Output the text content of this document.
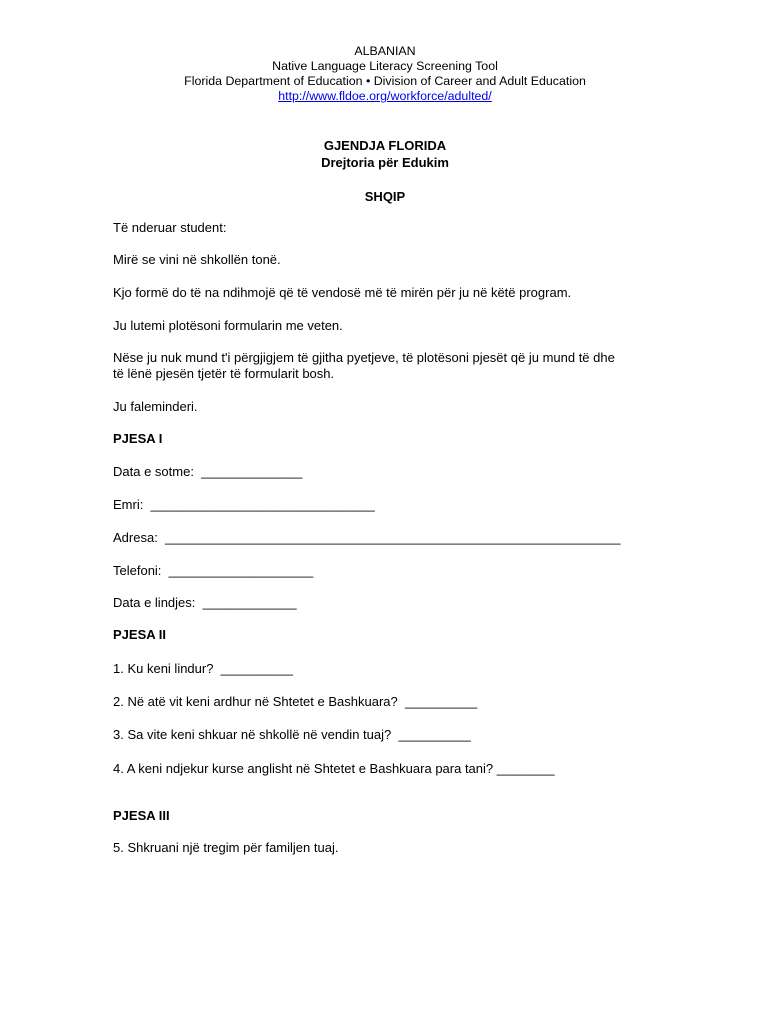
ALBANIAN
Native Language Literacy Screening Tool
Florida Department of Education • Division of Career and Adult Education
http://www.fldoe.org/workforce/adulted/
GJENDJA FLORIDA
Drejtoria për Edukim
SHQIP
Të nderuar student:
Mirë se vini në shkollën tonë.
Kjo formë do të na ndihmojë që të vendosë më të mirën për ju në këtë program.
Ju lutemi plotësoni formularin me veten.
Nëse ju nuk mund t'i përgjigjem të gjitha pyetjeve, të plotësoni pjesët që ju mund të dhe
të lënë pjesën tjetër të formularit bosh.
Ju faleminderi.
PJESA I
Data e sotme:  ______________
Emri:  _______________________________
Adresa:  _______________________________________________________________
Telefoni:  ____________________
Data e lindjes:  _____________
PJESA II
1. Ku keni lindur?  __________
2. Në atë vit keni ardhur në Shtetet e Bashkuara?  __________
3. Sa vite keni shkuar në shkollë në vendin tuaj?  __________
4. A keni ndjekur kurse anglisht në Shtetet e Bashkuara para tani? ________
PJESA III
5. Shkruani një tregim për familjen tuaj.
